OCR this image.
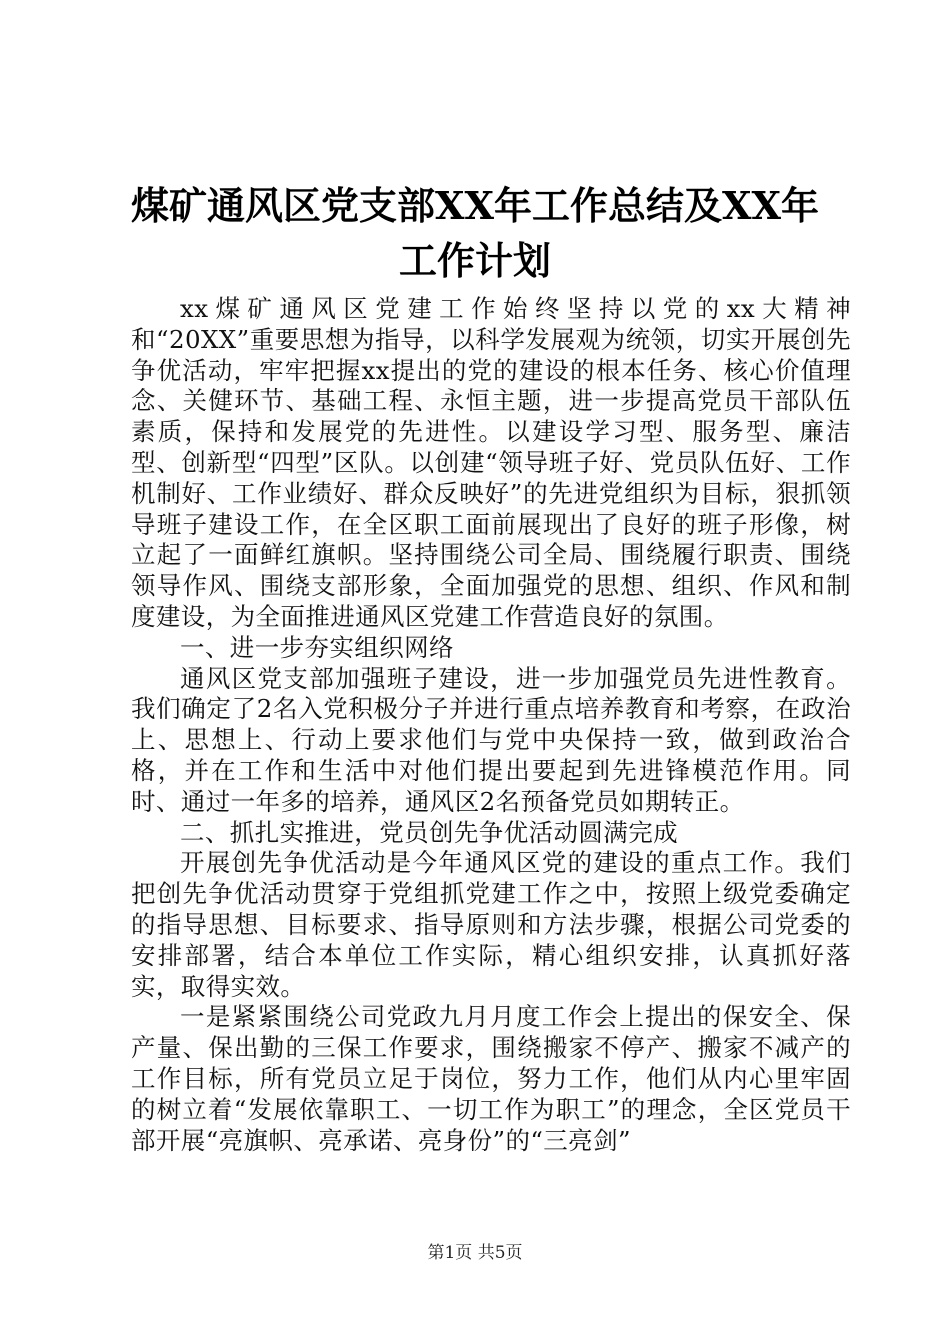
煤矿通风区党支部XX年工作总结及XX年工作计划

xx煤矿通风区党建工作始终坚持以党的xx大精神和“20XX”重要思想为指导，以科学发展观为统领，切实开展创先争优活动，牢牢把握xx提出的党的建设的根本任务、核心价值理念、关健环节、基础工程、永恒主题，进一步提高党员干部队伍素质，保持和发展党的先进性。以建设学习型、服务型、廉洁型、创新型“四型”区队。以创建“领导班子好、党员队伍好、工作机制好、工作业绩好、群众反映好”的先进党组织为目标，狠抓领导班子建设工作，在全区职工面前展现出了良好的班子形像，树立起了一面鲜红旗帜。坚持围绕公司全局、围绕履行职责、围绕领导作风、围绕支部形象，全面加强党的思想、组织、作风和制度建设，为全面推进通风区党建工作营造良好的氛围。

一、进一步夯实组织网络

通风区党支部加强班子建设，进一步加强党员先进性教育。我们确定了2名入党积极分子并进行重点培养教育和考察，在政治上、思想上、行动上要求他们与党中央保持一致，做到政治合格，并在工作和生活中对他们提出要起到先进锋模范作用。同时、通过一年多的培养，通风区2名预备党员如期转正。

二、抓扎实推进，党员创先争优活动圆满完成

开展创先争优活动是今年通风区党的建设的重点工作。我们把创先争优活动贯穿于党组抓党建工作之中，按照上级党委确定的指导思想、目标要求、指导原则和方法步骤，根据公司党委的安排部署，结合本单位工作实际，精心组织安排，认真抓好落实，取得实效。

一是紧紧围绕公司党政九月月度工作会上提出的保安全、保产量、保出勤的三保工作要求，围绕搬家不停产、搬家不减产的工作目标，所有党员立足于岗位，努力工作，他们从内心里牢固的树立着“发展依靠职工、一切工作为职工”的理念，全区党员干部开展“亮旗帜、亮承诺、亮身份”的“三亮剑”

第1页 共5页
